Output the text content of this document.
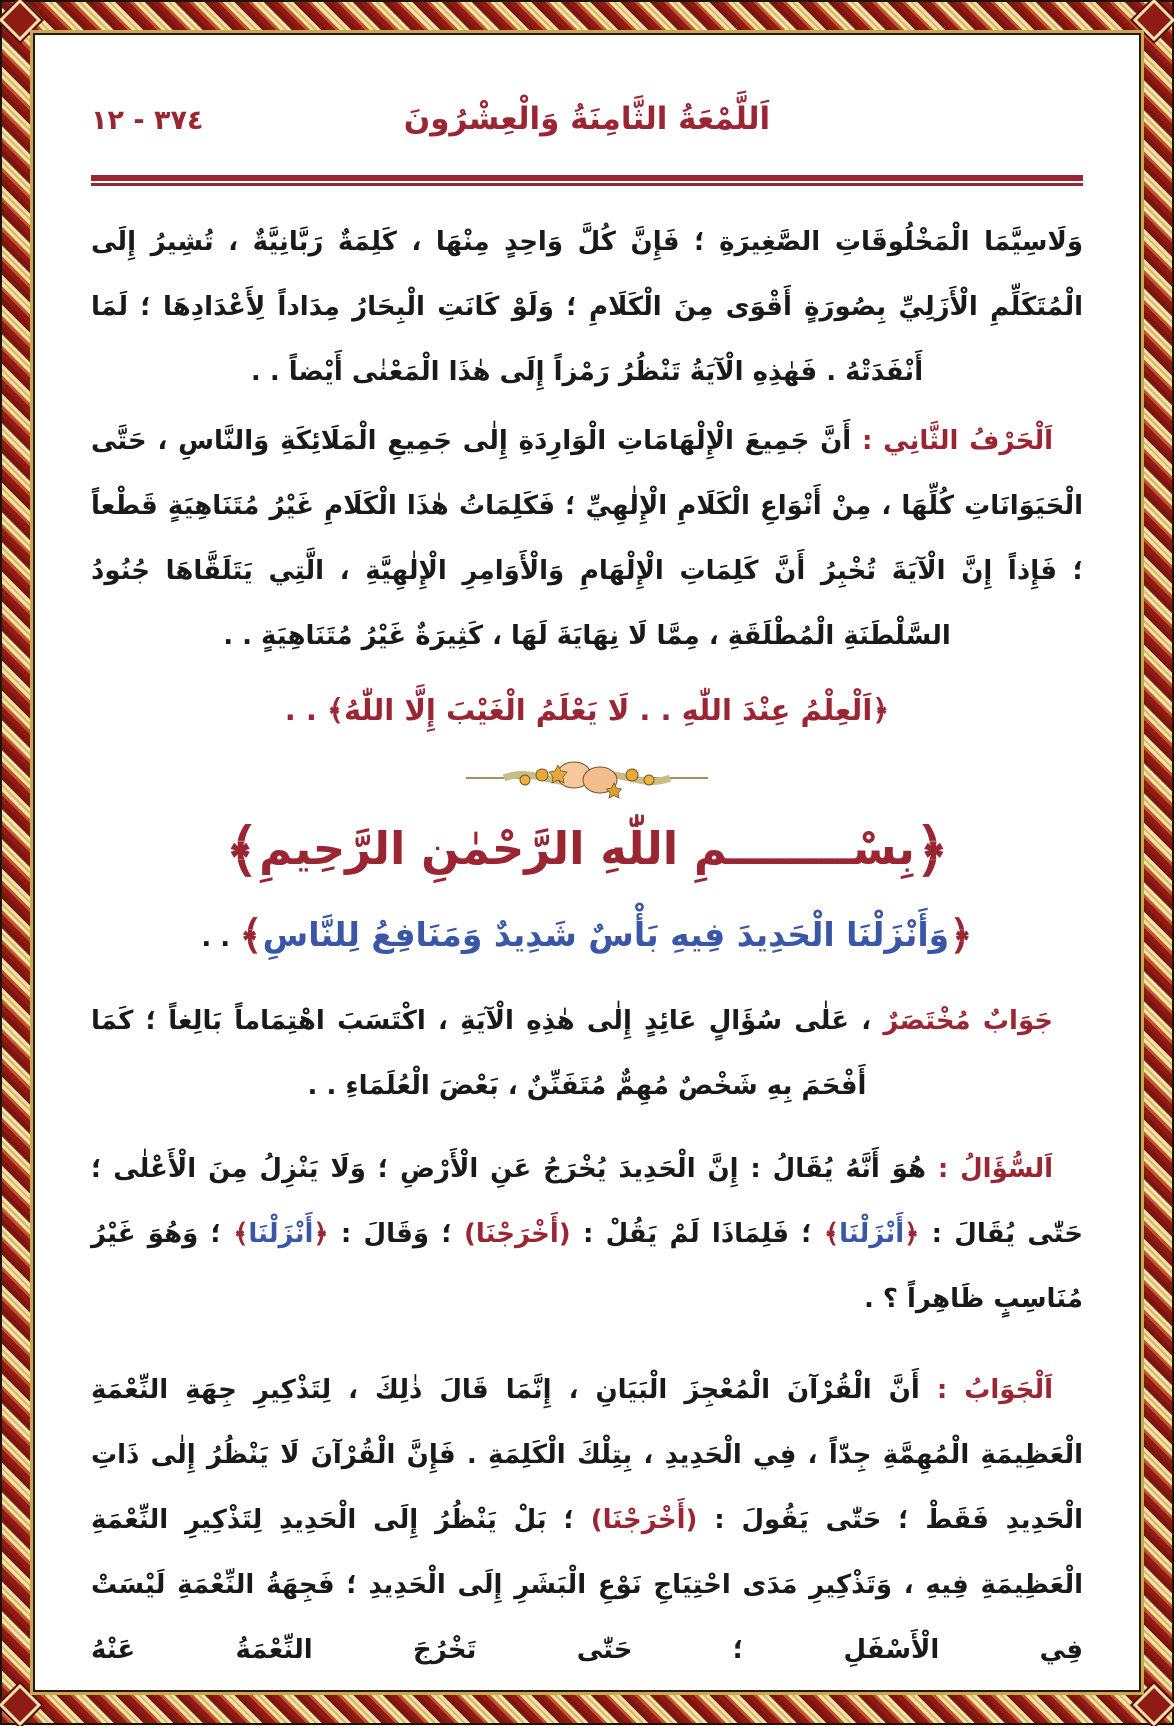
اَللَّمْعَةُ الثَّامِنَةُ وَالْعِشْرُونَ
٣٧٤ - ١٢

وَلَاسِيَّمَا الْمَخْلُوقَاتِ الصَّغِيرَةِ ؛ فَإِنَّ كُلَّ وَاحِدٍ مِنْهَا ، كَلِمَةٌ رَبَّانِيَّةٌ ، تُشِيرُ إِلَى الْمُتَكَلِّمِ الْأَزَلِيِّ بِصُورَةٍ أَقْوَى مِنَ الْكَلَامِ ؛ وَلَوْ كَانَتِ الْبِحَارُ مِدَاداً لِأَعْدَادِهَا ؛ لَمَا أَنْفَدَتْهُ . فَهٰذِهِ الْآيَةُ تَنْظُرُ رَمْزاً إِلَى هٰذَا الْمَعْنٰى أَيْضاً . .

اَلْحَرْفُ الثَّانِي : أَنَّ جَمِيعَ الْإِلْهَامَاتِ الْوَارِدَةِ إِلٰى جَمِيعِ الْمَلَائِكَةِ وَالنَّاسِ ، حَتَّى الْحَيَوَانَاتِ كُلِّهَا ، مِنْ أَنْوَاعِ الْكَلَامِ الْإِلٰهِيِّ ؛ فَكَلِمَاتُ هٰذَا الْكَلَامِ غَيْرُ مُتَنَاهِيَةٍ قَطْعاً ؛ فَإِذاً إِنَّ الْآيَةَ تُخْبِرُ أَنَّ كَلِمَاتِ الْإِلْهَامِ وَالْأَوَامِرِ الْإِلٰهِيَّةِ ، الَّتِي يَتَلَقَّاهَا جُنُودُ السَّلْطَنَةِ الْمُطْلَقَةِ ، مِمَّا لَا نِهَايَةَ لَهَا ، كَثِيرَةٌ غَيْرُ مُتَنَاهِيَةٍ . .

﴿اَلْعِلْمُ عِنْدَ اللّٰهِ . . لَا يَعْلَمُ الْغَيْبَ إِلَّا اللّٰهُ﴾ . .
﴿بِسْــــــــمِ اللّٰهِ الرَّحْمٰنِ الرَّحِيمِ﴾
﴿وَأَنْزَلْنَا الْحَدِيدَ فِيهِ بَأْسٌ شَدِيدٌ وَمَنَافِعُ لِلنَّاسِ﴾ . .

جَوَابٌ مُخْتَصَرٌ ، عَلٰى سُؤَالٍ عَائِدٍ إِلٰى هٰذِهِ الْآيَةِ ، اكْتَسَبَ اهْتِمَاماً بَالِغاً ؛ كَمَا أَفْحَمَ بِهِ شَخْصٌ مُهِمٌّ مُتَفَنِّنٌ ، بَعْضَ الْعُلَمَاءِ . .

اَلسُّؤَالُ : هُوَ أَنَّهُ يُقَالُ : إِنَّ الْحَدِيدَ يُخْرَجُ عَنِ الْأَرْضِ ؛ وَلَا يَنْزِلُ مِنَ الْأَعْلٰى ؛ حَتّٰى يُقَالَ : ﴿أَنْزَلْنَا﴾ ؛ فَلِمَاذَا لَمْ يَقُلْ : (أَخْرَجْنَا) ؛ وَقَالَ : ﴿أَنْزَلْنَا﴾ ؛ وَهُوَ غَيْرُ مُنَاسِبٍ ظَاهِراً ؟ .

اَلْجَوَابُ : أَنَّ الْقُرْآنَ الْمُعْجِزَ الْبَيَانِ ، إِنَّمَا قَالَ ذٰلِكَ ، لِتَذْكِيرِ جِهَةِ النِّعْمَةِ الْعَظِيمَةِ الْمُهِمَّةِ جِدّاً ، فِي الْحَدِيدِ ، بِتِلْكَ الْكَلِمَةِ . فَإِنَّ الْقُرْآنَ لَا يَنْظُرُ إِلٰى ذَاتِ الْحَدِيدِ فَقَطْ ؛ حَتّٰى يَقُولَ : (أَخْرَجْنَا) ؛ بَلْ يَنْظُرُ إِلَى الْحَدِيدِ لِتَذْكِيرِ النِّعْمَةِ الْعَظِيمَةِ فِيهِ ، وَتَذْكِيرِ مَدَى احْتِيَاجِ نَوْعِ الْبَشَرِ إِلَى الْحَدِيدِ ؛ فَجِهَةُ النِّعْمَةِ لَيْسَتْ فِي الْأَسْفَلِ ؛ حَتّٰى تَخْرُجَ النِّعْمَةُ عَنْهُ
